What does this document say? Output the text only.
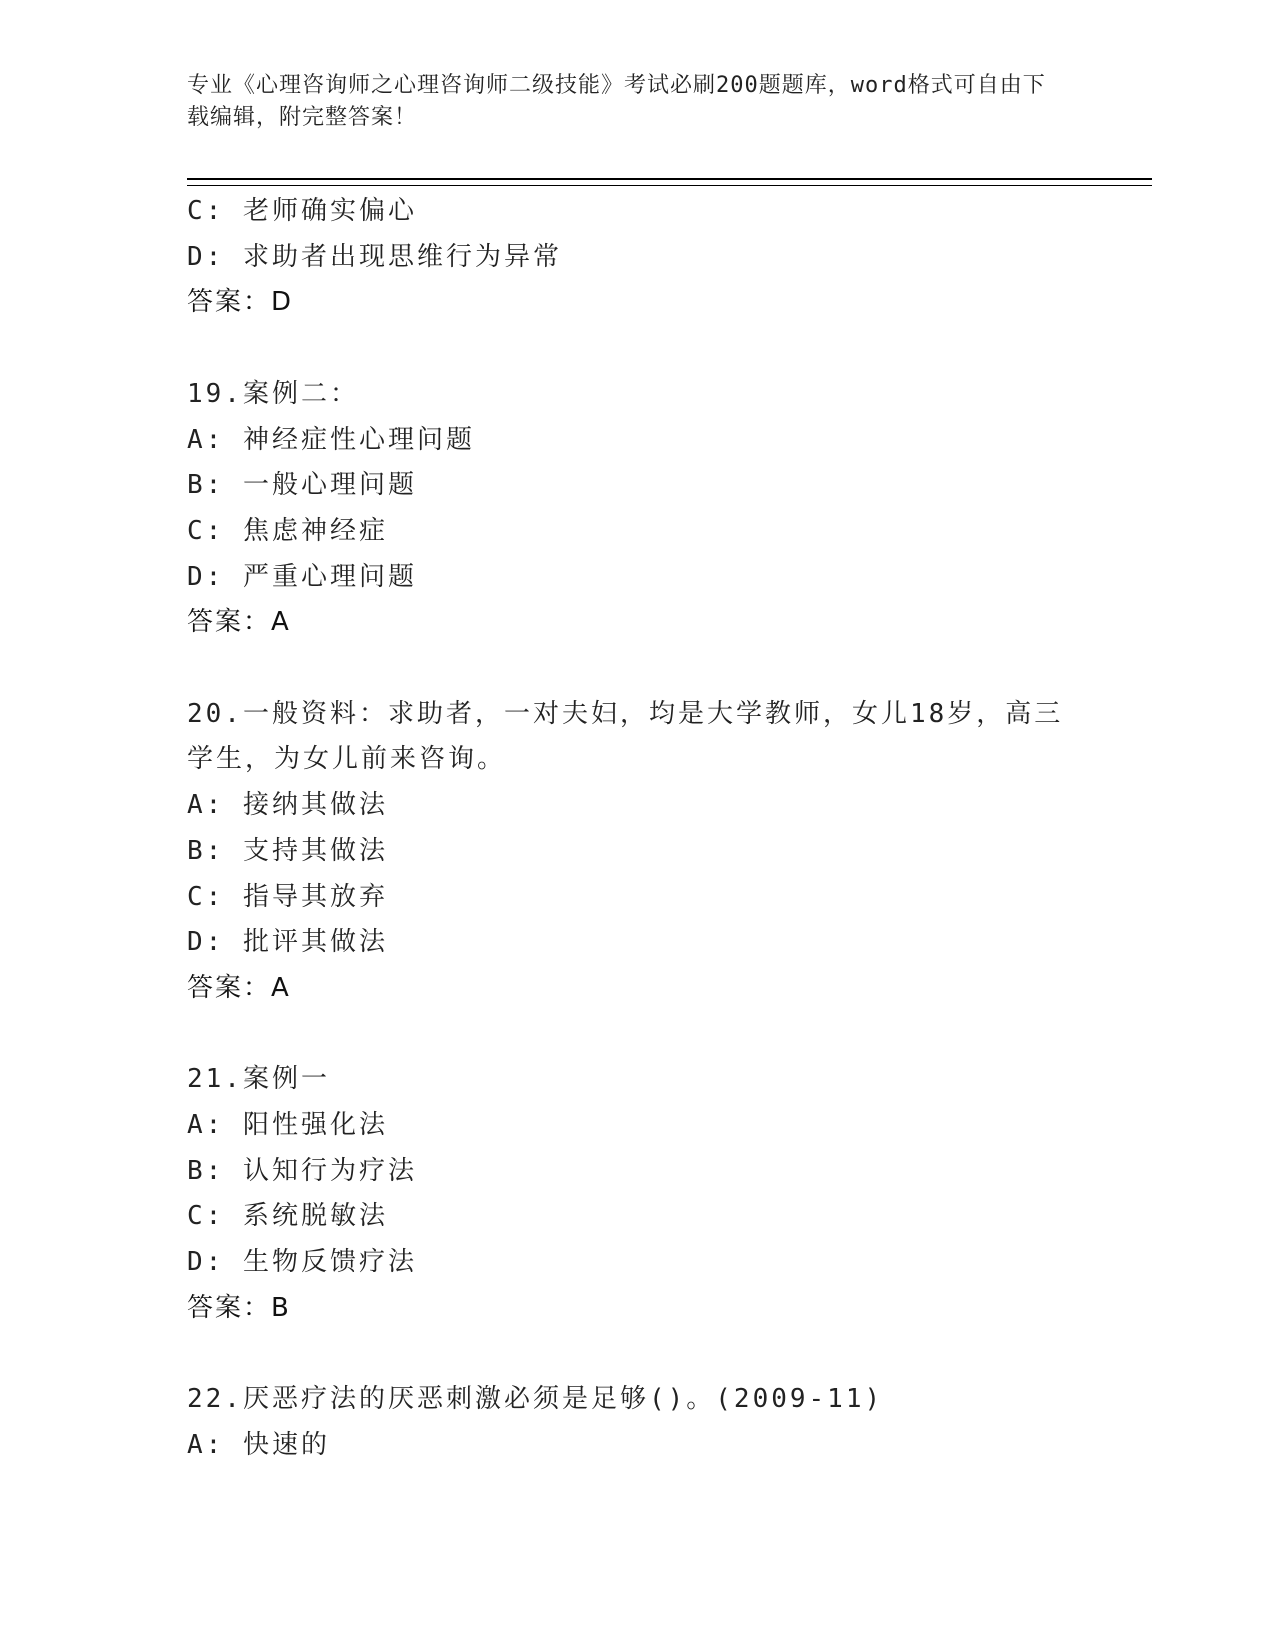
专业《心理咨询师之心理咨询师二级技能》考试必刷200题题库，word格式可自由下载编辑，附完整答案！
C: 老师确实偏心
D: 求助者出现思维行为异常
答案：D
19.案例二：
A: 神经症性心理问题
B: 一般心理问题
C: 焦虑神经症
D: 严重心理问题
答案：A
20.一般资料：求助者，一对夫妇，均是大学教师，女儿18岁，高三
学生，为女儿前来咨询。
A: 接纳其做法
B: 支持其做法
C: 指导其放弃
D: 批评其做法
答案：A
21.案例一
A: 阳性强化法
B: 认知行为疗法
C: 系统脱敏法
D: 生物反馈疗法
答案：B
22.厌恶疗法的厌恶刺激必须是足够()。(2009-11)
A: 快速的
